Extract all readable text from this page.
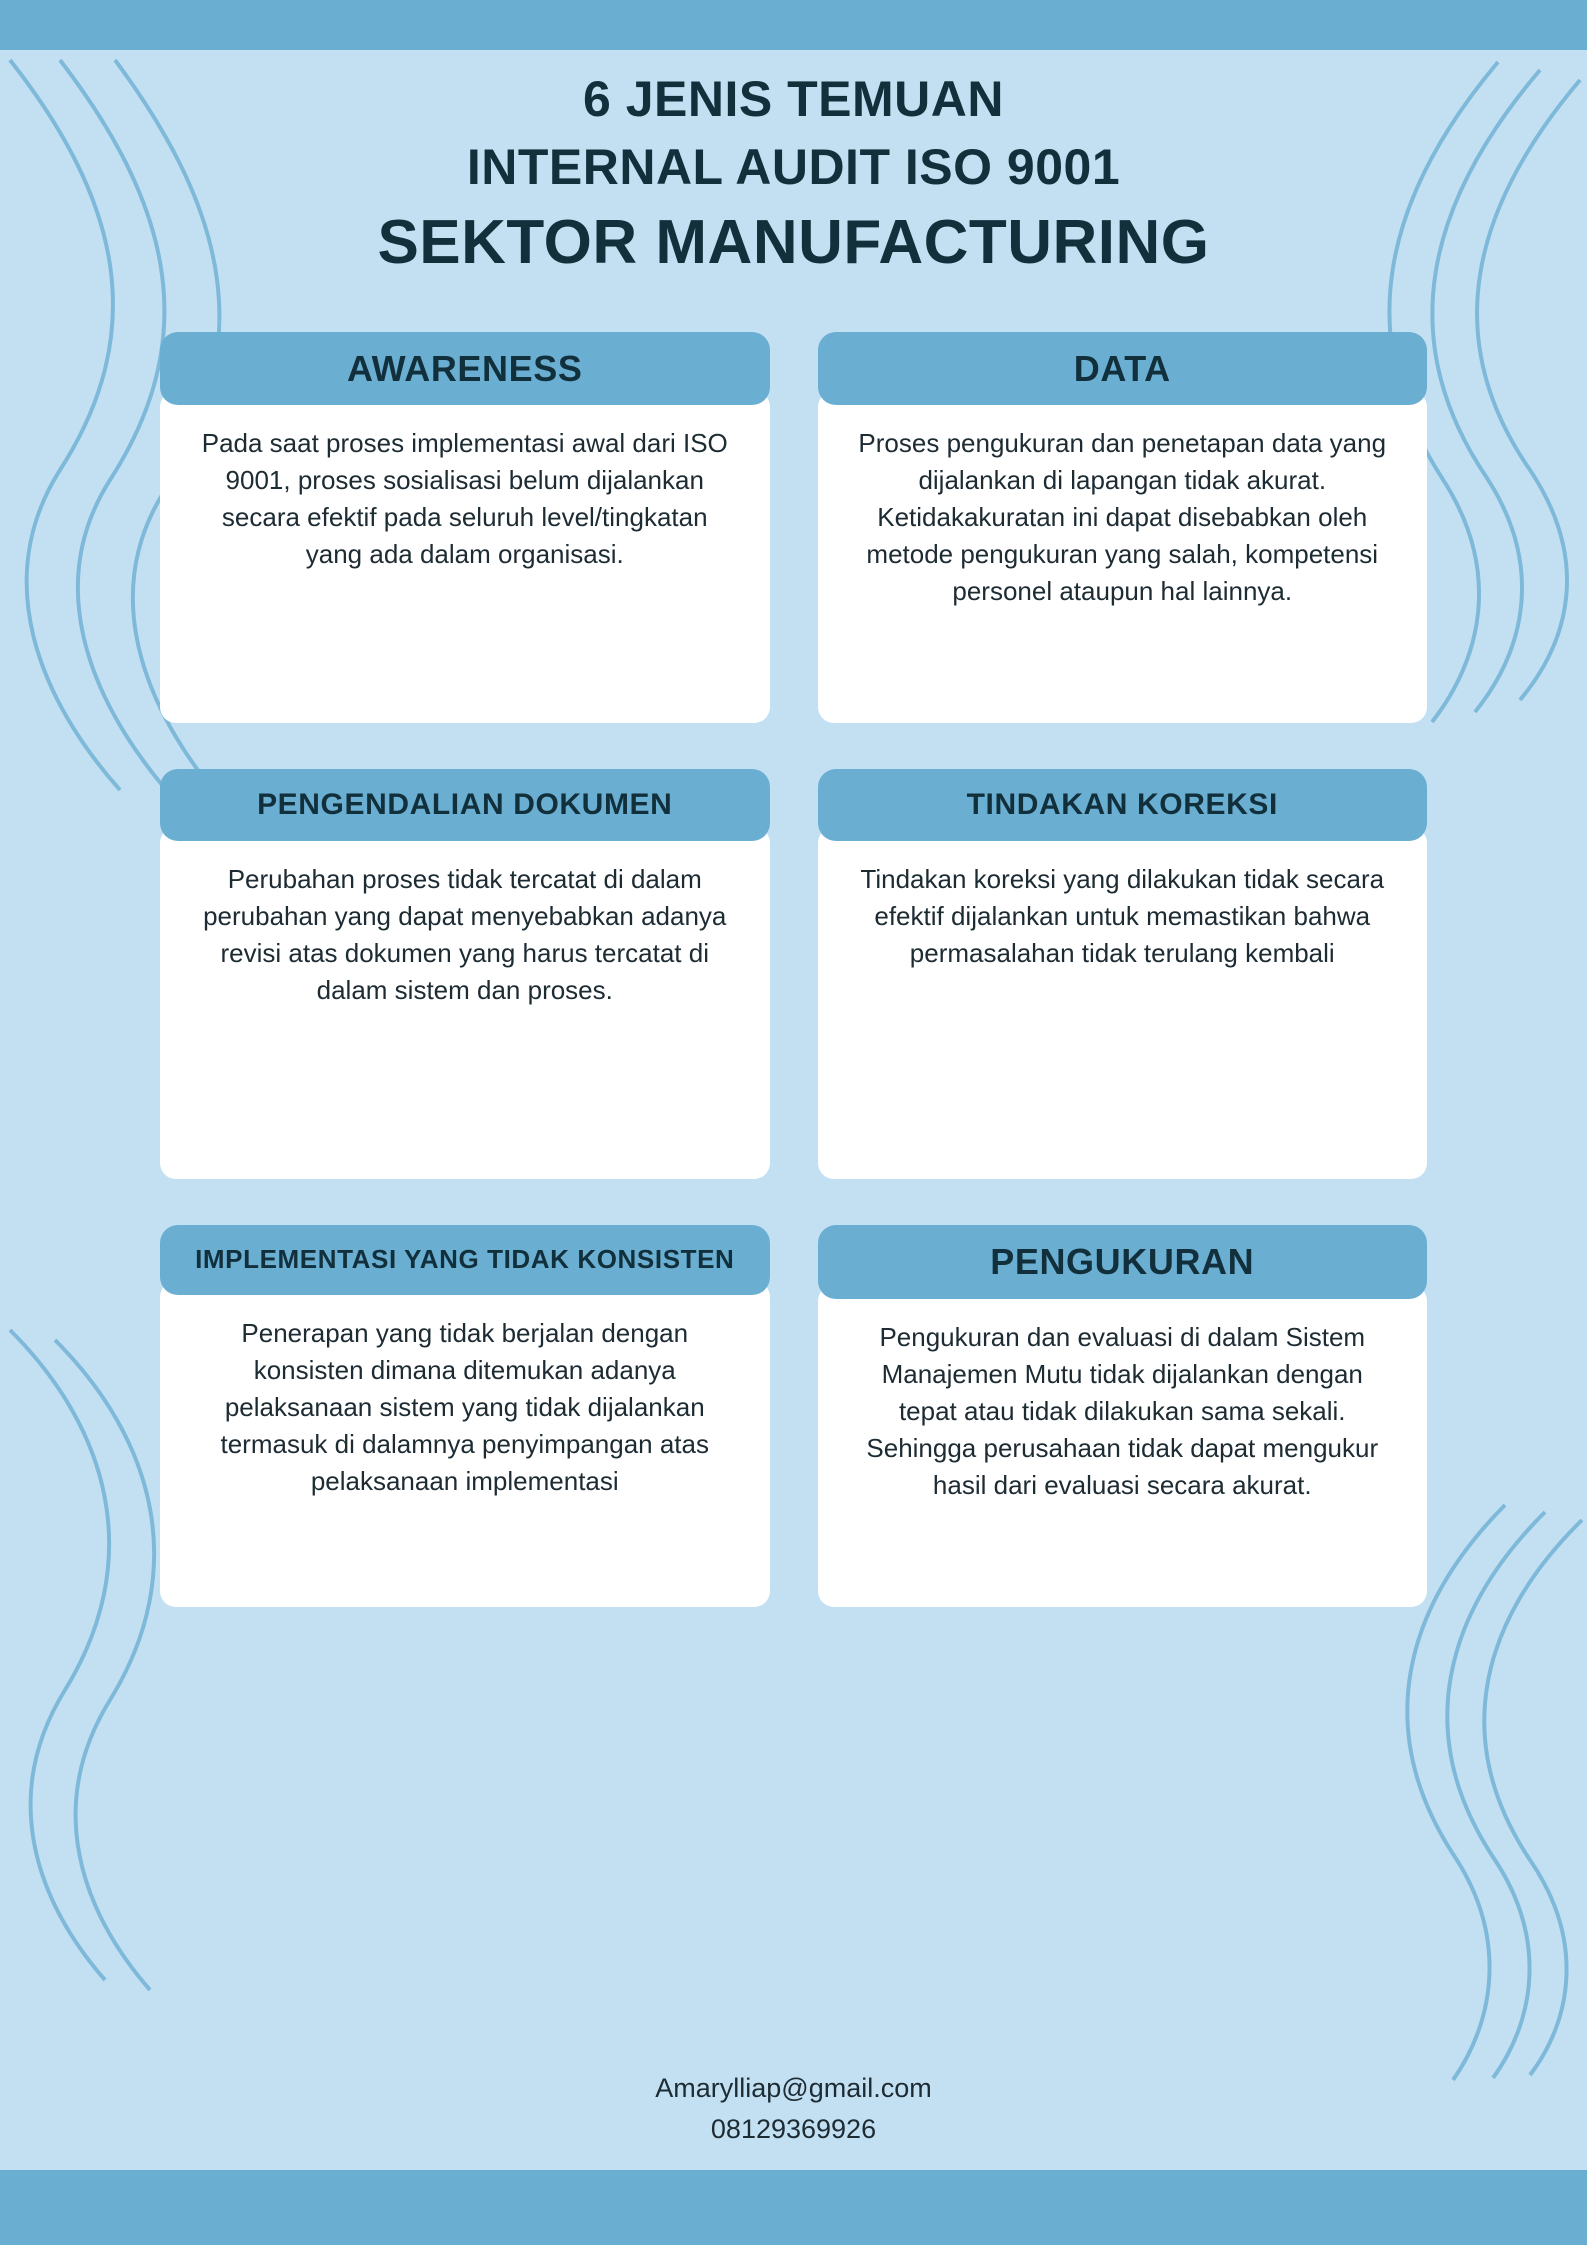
6 JENIS TEMUAN
INTERNAL AUDIT ISO 9001
SEKTOR MANUFACTURING
AWARENESS
Pada saat proses implementasi awal dari ISO 9001, proses sosialisasi belum dijalankan secara efektif pada seluruh level/tingkatan yang ada dalam organisasi.
DATA
Proses pengukuran dan penetapan data yang dijalankan di lapangan tidak akurat. Ketidakakuratan ini dapat disebabkan oleh metode pengukuran yang salah, kompetensi personel ataupun hal lainnya.
PENGENDALIAN DOKUMEN
Perubahan proses tidak tercatat di dalam perubahan yang dapat menyebabkan adanya revisi atas dokumen yang harus tercatat di dalam sistem dan proses.
TINDAKAN KOREKSI
Tindakan koreksi yang dilakukan tidak secara efektif dijalankan untuk memastikan bahwa permasalahan tidak terulang kembali
IMPLEMENTASI YANG TIDAK KONSISTEN
Penerapan yang tidak berjalan dengan konsisten dimana ditemukan adanya pelaksanaan sistem yang tidak dijalankan termasuk di dalamnya penyimpangan atas pelaksanaan implementasi
PENGUKURAN
Pengukuran dan evaluasi di dalam Sistem Manajemen Mutu tidak dijalankan dengan tepat atau tidak dilakukan sama sekali. Sehingga perusahaan tidak dapat mengukur hasil dari evaluasi secara akurat.
Amarylliap@gmail.com
08129369926
